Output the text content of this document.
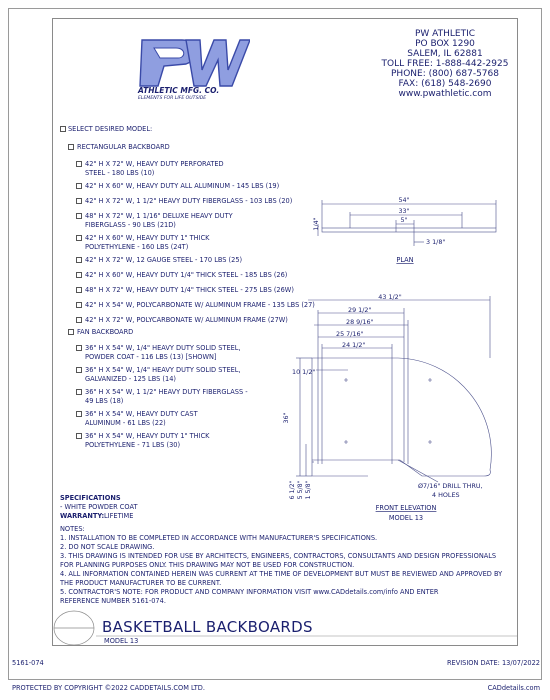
ATHLETIC MFG. CO.
ELEMENTS FOR LIFE OUTSIDE
PW ATHLETIC
PO BOX 1290
SALEM, IL 62881
TOLL FREE: 1-888-442-2925
PHONE: (800) 687-5768
FAX: (618) 548-2690
www.pwathletic.com
SELECT DESIRED MODEL:
RECTANGULAR BACKBOARD
42" H X 72" W, HEAVY DUTY PERFORATED
STEEL - 180 LBS (10)
42" H X 60" W, HEAVY DUTY ALL ALUMINUM - 145 LBS (19)
42" H X 72" W, 1 1/2" HEAVY DUTY FIBERGLASS - 103 LBS (20)
48" H X 72" W, 1 1/16" DELUXE HEAVY DUTY
FIBERGLASS - 90 LBS (21D)
42" H X 60" W, HEAVY DUTY 1" THICK
POLYETHYLENE - 160 LBS (24T)
42" H X 72" W, 12 GAUGE STEEL - 170 LBS (25)
42" H X 60" W, HEAVY DUTY 1/4" THICK STEEL - 185 LBS (26)
48" H X 72" W, HEAVY DUTY 1/4" THICK STEEL - 275 LBS (26W)
42" H X 54" W, POLYCARBONATE W/ ALUMINUM FRAME - 135 LBS (27)
42" H X 72" W, POLYCARBONATE W/ ALUMINUM FRAME (27W)
FAN BACKBOARD
36" H X 54" W, 1/4" HEAVY DUTY SOLID STEEL,
POWDER COAT - 116 LBS (13) [SHOWN]
36" H X 54" W, 1/4" HEAVY DUTY SOLID STEEL,
GALVANIZED - 125 LBS (14)
36" H X 54" W, 1 1/2" HEAVY DUTY FIBERGLASS -
49 LBS (18)
36" H X 54" W, HEAVY DUTY CAST
ALUMINUM - 61 LBS (22)
36" H X 54" W, HEAVY DUTY 1" THICK
POLYETHYLENE - 71 LBS (30)
54"
33"
5"
1/4"
3 1/8"
PLAN
43 1/2"
29 1/2"
28 9/16"
25 7/16"
24 1/2"
10 1/2"
36"
6 1/2" 5 5/8" 1 5/8"	Ø7/16" DRILL THRU,
4 HOLES
FRONT ELEVATION
MODEL 13
SPECIFICATIONS
- WHITE POWDER COAT
WARRANTY: LIFETIME
NOTES:
1. INSTALLATION TO BE COMPLETED IN ACCORDANCE WITH MANUFACTURER'S SPECIFICATIONS.
2. DO NOT SCALE DRAWING.
3. THIS DRAWING IS INTENDED FOR USE BY ARCHITECTS, ENGINEERS, CONTRACTORS, CONSULTANTS AND DESIGN PROFESSIONALS
FOR PLANNING PURPOSES ONLY. THIS DRAWING MAY NOT BE USED FOR CONSTRUCTION.
4. ALL INFORMATION CONTAINED HEREIN WAS CURRENT AT THE TIME OF DEVELOPMENT BUT MUST BE REVIEWED AND APPROVED BY
THE PRODUCT MANUFACTURER TO BE CURRENT.
5. CONTRACTOR'S NOTE: FOR PRODUCT AND COMPANY INFORMATION VISIT www.CADdetails.com/info AND ENTER
REFERENCE NUMBER 5161-074.
BASKETBALL BACKBOARDS
MODEL 13
5161-074	REVISION DATE: 13/07/2022
PROTECTED BY COPYRIGHT ©2022 CADDETAILS.COM LTD.	CADdetails.com
